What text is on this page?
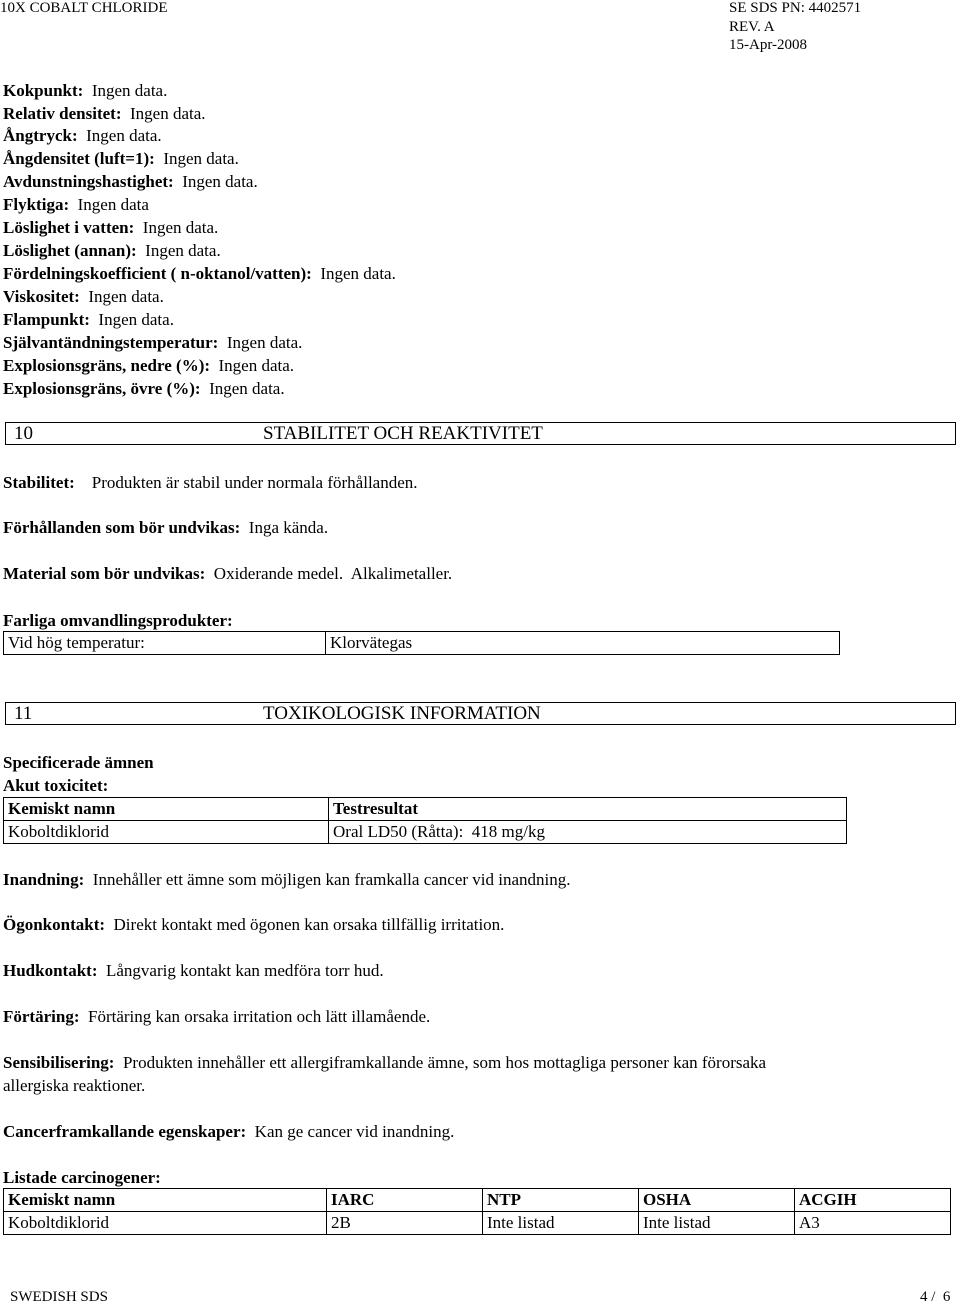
10X COBALT CHLORIDE	SE SDS PN: 4402571
REV. A
15-Apr-2008
Kokpunkt: Ingen data.
Relativ densitet: Ingen data.
Ångtryck: Ingen data.
Ångdensitet (luft=1): Ingen data.
Avdunstningshastighet: Ingen data.
Flyktiga: Ingen data
Löslighet i vatten: Ingen data.
Löslighet (annan): Ingen data.
Fördelningskoefficient ( n-oktanol/vatten): Ingen data.
Viskositet: Ingen data.
Flampunkt: Ingen data.
Självantändningstemperatur: Ingen data.
Explosionsgräns, nedre (%): Ingen data.
Explosionsgräns, övre (%): Ingen data.
10	STABILITET OCH REAKTIVITET
Stabilitet: Produkten är stabil under normala förhållanden.
Förhållanden som bör undvikas: Inga kända.
Material som bör undvikas: Oxiderande medel.  Alkalimetaller.
Farliga omvandlingsprodukter:
Vid hög temperatur:	Klorvätegas
11	TOXIKOLOGISK INFORMATION
Specificerade ämnen
Akut toxicitet:
Kemiskt namn	Testresultat
Koboltdiklorid	Oral LD50 (Råtta):  418 mg/kg
Inandning: Innehåller ett ämne som möjligen kan framkalla cancer vid inandning.
Ögonkontakt: Direkt kontakt med ögonen kan orsaka tillfällig irritation.
Hudkontakt: Långvarig kontakt kan medföra torr hud.
Förtäring: Förtäring kan orsaka irritation och lätt illamående.
Sensibilisering: Produkten innehåller ett allergiframkallande ämne, som hos mottagliga personer kan förorsaka
allergiska reaktioner.
Cancerframkallande egenskaper: Kan ge cancer vid inandning.
Listade carcinogener:
Kemiskt namn	IARC	NTP	OSHA	ACGIH
Koboltdiklorid	2B	Inte listad	Inte listad	A3
SWEDISH SDS	4 /  6
